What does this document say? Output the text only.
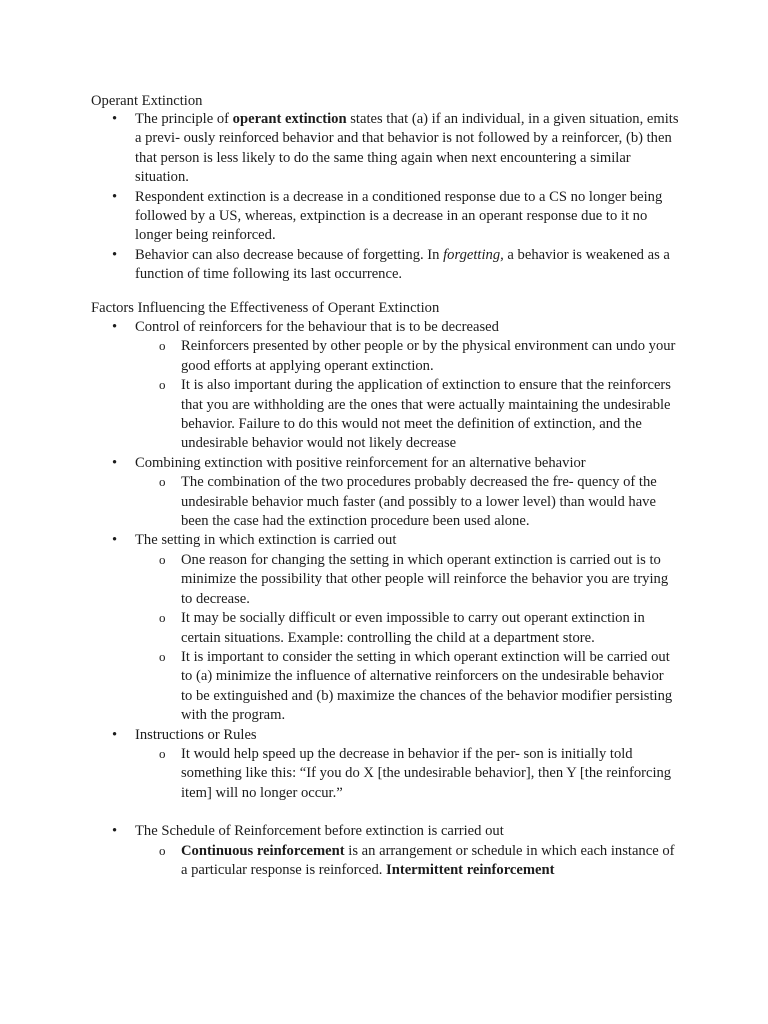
Operant Extinction
• The principle of operant extinction states that (a) if an individual, in a given situation, emits a previ- ously reinforced behavior and that behavior is not followed by a reinforcer, (b) then that person is less likely to do the same thing again when next encountering a similar situation.
• Respondent extinction is a decrease in a conditioned response due to a CS no longer being followed by a US, whereas, extpinction is a decrease in an operant response due to it no longer being reinforced.
• Behavior can also decrease because of forgetting. In forgetting, a behavior is weakened as a function of time following its last occurrence.
Factors Influencing the Effectiveness of Operant Extinction
• Control of reinforcers for the behaviour that is to be decreased
o Reinforcers presented by other people or by the physical environment can undo your good efforts at applying operant extinction.
o It is also important during the application of extinction to ensure that the reinforcers that you are withholding are the ones that were actually maintaining the undesirable behavior. Failure to do this would not meet the definition of extinction, and the undesirable behavior would not likely decrease
• Combining extinction with positive reinforcement for an alternative behavior
o The combination of the two procedures probably decreased the fre- quency of the undesirable behavior much faster (and possibly to a lower level) than would have been the case had the extinction procedure been used alone.
• The setting in which extinction is carried out
o One reason for changing the setting in which operant extinction is carried out is to minimize the possibility that other people will reinforce the behavior you are trying to decrease.
o It may be socially difficult or even impossible to carry out operant extinction in certain situations. Example: controlling the child at a department store.
o It is important to consider the setting in which operant extinction will be carried out to (a) minimize the influence of alternative reinforcers on the undesirable behavior to be extinguished and (b) maximize the chances of the behavior modifier persisting with the program.
• Instructions or Rules
o It would help speed up the decrease in behavior if the per- son is initially told something like this: “If you do X [the undesirable behavior], then Y [the reinforcing item] will no longer occur.”
• The Schedule of Reinforcement before extinction is carried out
o Continuous reinforcement is an arrangement or schedule in which each instance of a particular response is reinforced. Intermittent reinforcement
